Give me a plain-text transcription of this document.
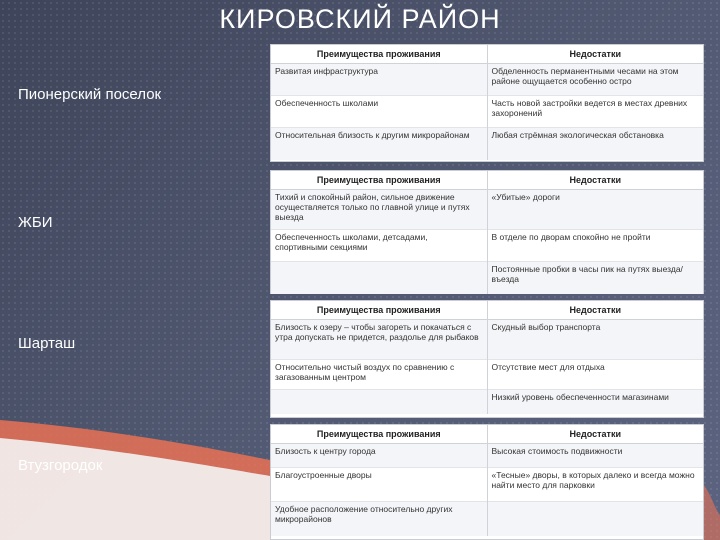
КИРОВСКИЙ РАЙОН
Пионерский поселок
ЖБИ
Шарташ
Втузгородок
Преимущества проживания	Недостатки
Развитая инфраструктура	Обделенность перманентными чесами на этом районе ощущается особенно остро
Обеспеченность школами	Часть новой застройки ведется в местах древних захоронений
Относительная близость к другим микрорайонам	Любая стрёмная экологическая обстановка
Преимущества проживания	Недостатки
Тихий и спокойный район, сильное движение осуществляется только по главной улице и путях выезда	«Убитые» дороги
Обеспеченность школами, детсадами, спортивными секциями	В отделе по дворам спокойно не пройти
	Постоянные пробки в часы пик на путях выезда/въезда
Преимущества проживания	Недостатки
Близость к озеру – чтобы загореть и покачаться с утра допускать не придется, раздолье для рыбаков	Скудный выбор транспорта
Относительно чистый воздух по сравнению с загазованным центром	Отсутствие мест для отдыха
	Низкий уровень обеспеченности магазинами
Преимущества проживания	Недостатки
Близость к центру города	Высокая стоимость подвижности
Благоустроенные дворы	«Тесные» дворы, в которых далеко и всегда можно найти место для парковки
Удобное расположение относительно других микрорайонов	
